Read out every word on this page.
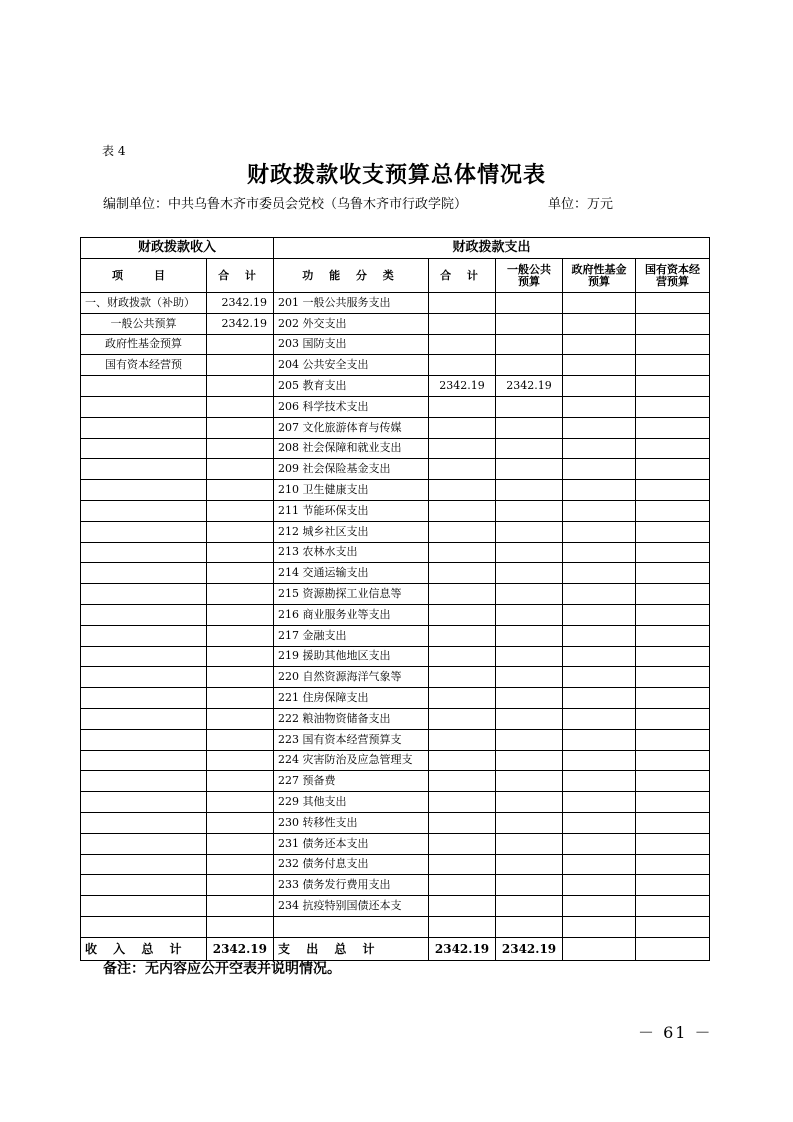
表 4
财政拨款收支预算总体情况表
编制单位：中共乌鲁木齐市委员会党校（乌鲁木齐市行政学院）	单位：万元
财政拨款收入		财政拨款支出				
项　目	合 计	功 能 分 类	合 计	一般公共预算	政府性基金预算	国有资本经营预算
一、财政拨款（补助）	2342.19	201 一般公共服务支出				
一般公共预算	2342.19	202 外交支出				
政府性基金预算		203 国防支出				
国有资本经营预		204 公共安全支出				
		205 教育支出	2342.19	2342.19		
		206 科学技术支出				
		207 文化旅游体育与传媒				
		208 社会保障和就业支出				
		209 社会保险基金支出				
		210 卫生健康支出				
		211 节能环保支出				
		212 城乡社区支出				
		213 农林水支出				
		214 交通运输支出				
		215 资源勘探工业信息等				
		216 商业服务业等支出				
		217 金融支出				
		219 援助其他地区支出				
		220 自然资源海洋气象等				
		221 住房保障支出				
		222 粮油物资储备支出				
		223 国有资本经营预算支				
		224 灾害防治及应急管理支				
		227 预备费				
		229 其他支出				
		230 转移性支出				
		231 债务还本支出				
		232 债务付息支出				
		233 债务发行费用支出				
		234 抗疫特别国债还本支				

收 入 总 计	2342.19	支 出 总 计	2342.19	2342.19		
备注：无内容应公开空表并说明情况。
－ 61 －
